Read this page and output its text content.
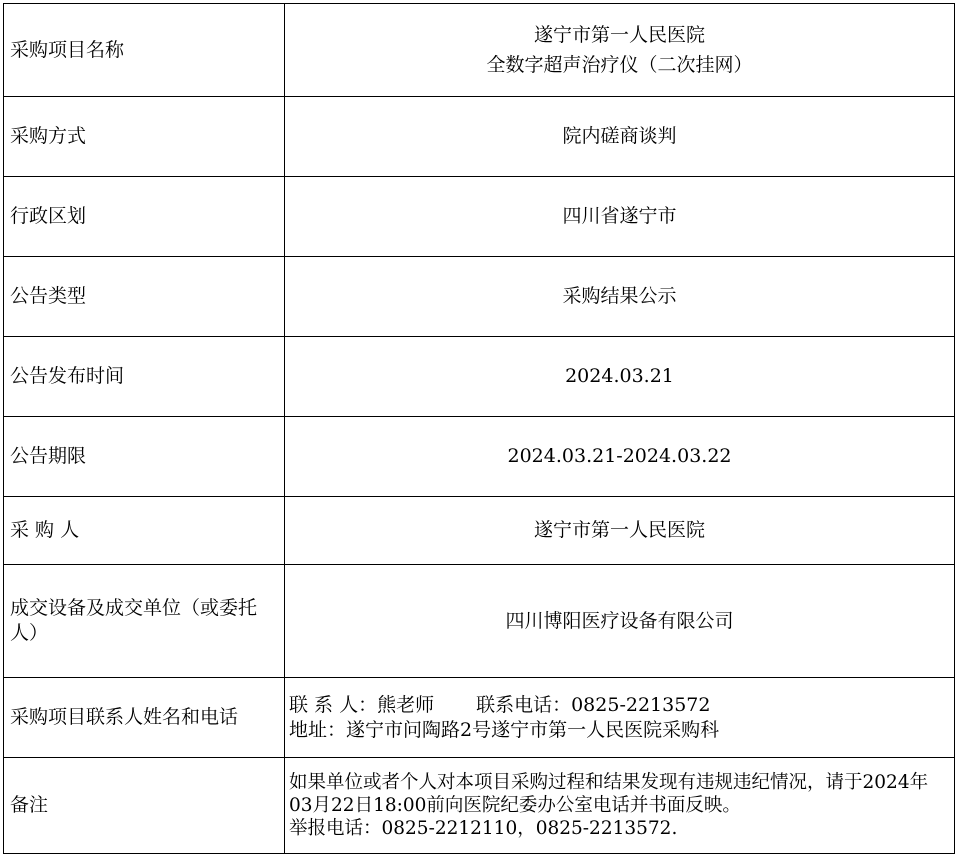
采购项目名称	遂宁市第一人民医院
全数字超声治疗仪（二次挂网）

采购方式	院内磋商谈判
行政区划	四川省遂宁市
公告类型	采购结果公示
公告发布时间	2024.03.21
公告期限	2024.03.21-2024.03.22
采 购 人	遂宁市第一人民医院
成交设备及成交单位（或委托人）	四川博阳医疗设备有限公司
采购项目联系人姓名和电话	联 系 人：熊老师 联系电话：0825-2213572
地址：遂宁市问陶路2号遂宁市第一人民医院采购科

备注	如果单位或者个人对本项目采购过程和结果发现有违规违纪情况，请于2024年03月22日18:00前向医院纪委办公室电话并书面反映。
举报电话：0825-2212110，0825-2213572.
